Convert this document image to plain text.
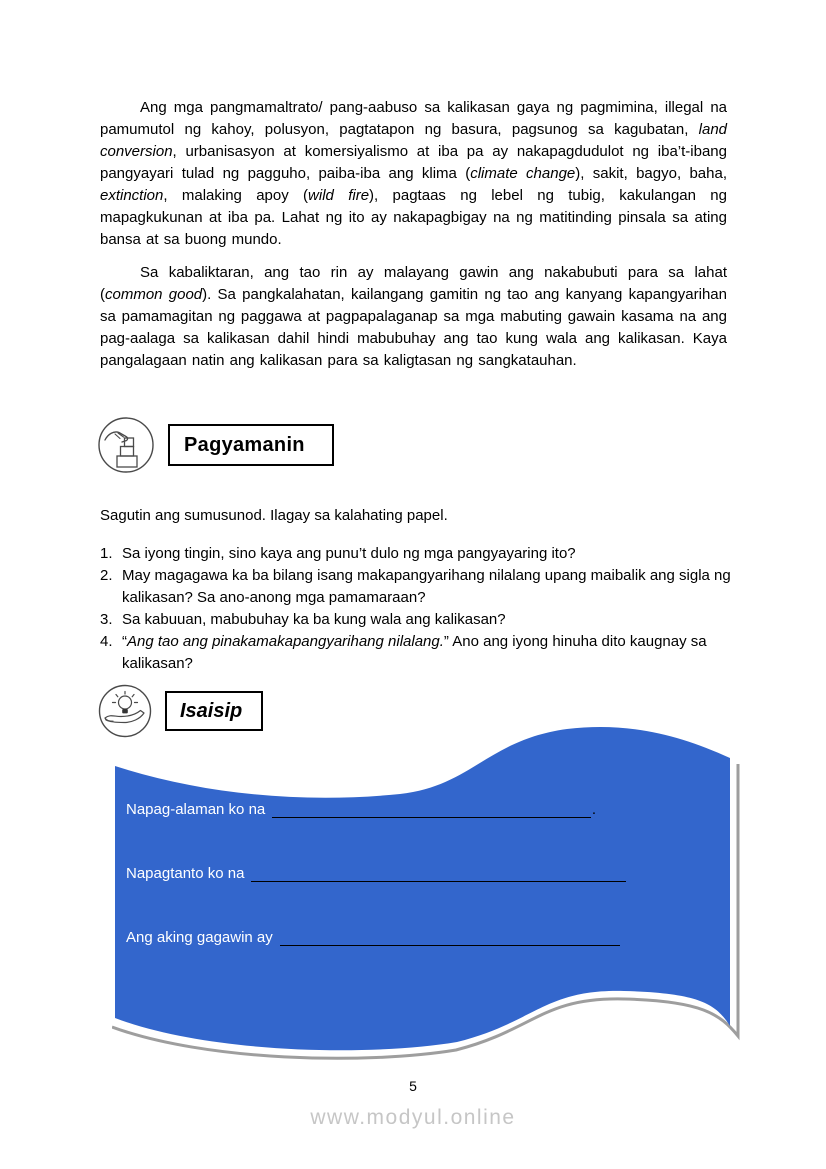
Ang mga pangmamaltrato/ pang-aabuso sa kalikasan gaya ng pagmimina, illegal na pamumutol ng kahoy, polusyon, pagtatapon ng basura, pagsunog sa kagubatan, land conversion, urbanisasyon at komersiyalismo at iba pa ay nakapagdudulot ng iba’t-ibang pangyayari tulad ng pagguho, paiba-iba ang klima (climate change), sakit, bagyo, baha, extinction, malaking apoy (wild fire), pagtaas ng lebel ng tubig, kakulangan ng mapagkukunan at iba pa. Lahat ng ito ay nakapagbigay na ng matitinding pinsala sa ating bansa at sa buong mundo.

Sa kabaliktaran, ang tao rin ay malayang gawin ang nakabubuti para sa lahat (common good). Sa pangkalahatan, kailangang gamitin ng tao ang kanyang kapangyarihan sa pamamagitan ng paggawa at pagpapalaganap sa mga mabuting gawain kasama na ang pag-aalaga sa kalikasan dahil hindi mabubuhay ang tao kung wala ang kalikasan. Kaya pangalagaan natin ang kalikasan para sa kaligtasan ng sangkatauhan.

Pagyamanin

Sagutin ang sumusunod. Ilagay sa kalahating papel.

1. Sa iyong tingin, sino kaya ang punu’t dulo ng mga pangyayaring ito?
2. May magagawa ka ba bilang isang makapangyarihang nilalang upang maibalik ang sigla ng kalikasan? Sa ano-anong mga pamamaraan?
3. Sa kabuuan, mabubuhay ka ba kung wala ang kalikasan?
4. “Ang tao ang pinakamakapangyarihang nilalang.” Ano ang iyong hinuha dito kaugnay sa kalikasan?
Isaisip
Napag-alaman ko na	.
Napagtanto ko na
Ang aking gagawin ay
5
www.modyul.online
